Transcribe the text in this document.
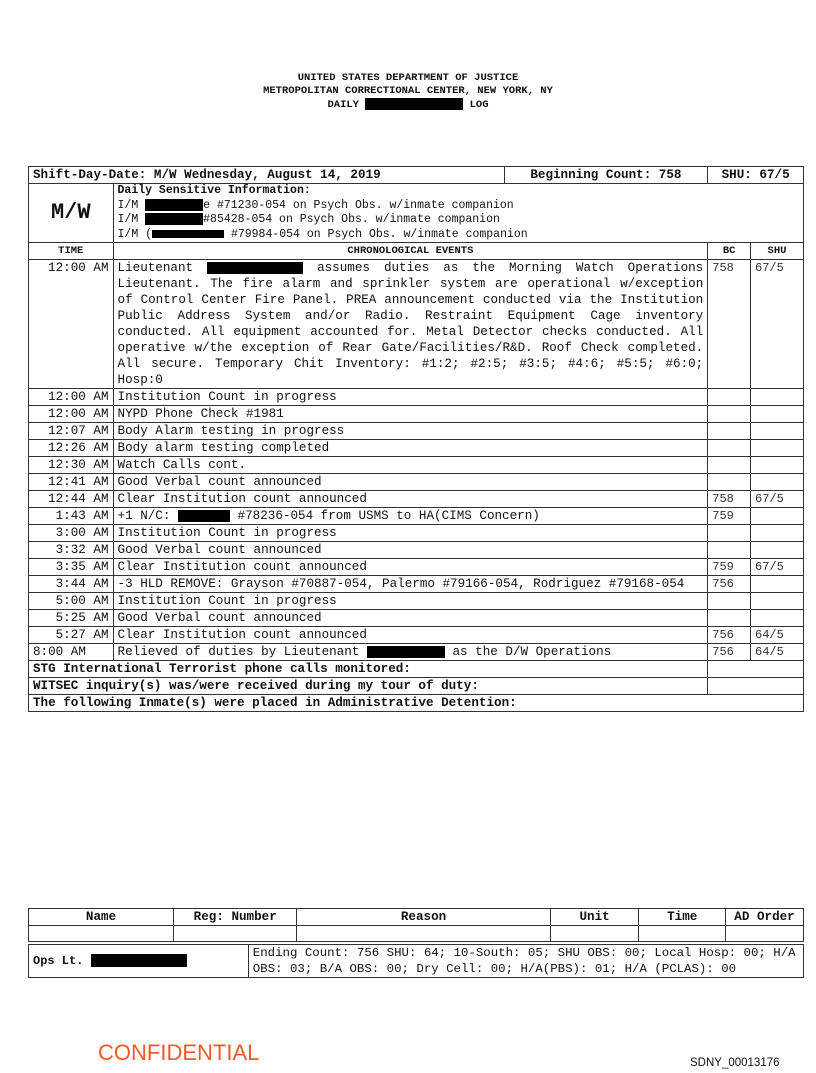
UNITED STATES DEPARTMENT OF JUSTICE
METROPOLITAN CORRECTIONAL CENTER, NEW YORK, NY
DAILY	LOG
Shift-Day-Date: M/W Wednesday, August 14, 2019		Beginning Count: 758	SHU: 67/5	
M/W	Daily Sensitive Information:
I/M e #71230-054 on Psych Obs. w/inmate companion
I/M #85428-054 on Psych Obs. w/inmate companion
I/M ( #79984-054 on Psych Obs. w/inmate companion			

TIME	CHRONOLOGICAL EVENTS		BC	SHU
12:00 AM	Lieutenant assumes duties as the Morning Watch Operations Lieutenant. The fire alarm and sprinkler system are operational w/exception of Control Center Fire Panel. PREA announcement conducted via the Institution Public Address System and/or Radio. Restraint Equipment Cage inventory conducted. All equipment accounted for. Metal Detector checks conducted. All operative w/the exception of Rear Gate/Facilities/R&D. Roof Check completed. All secure. Temporary Chit Inventory: #1:2; #2:5; #3:5; #4:6; #5:5; #6:0; Hosp:0		758	67/5
12:00 AM	Institution Count in progress			
12:00 AM	NYPD Phone Check #1981			
12:07 AM	Body Alarm testing in progress			
12:26 AM	Body alarm testing completed			
12:30 AM	Watch Calls cont.			
12:41 AM	Good Verbal count announced			
12:44 AM	Clear Institution count announced		758	67/5
1:43 AM	+1 N/C: #78236-054 from USMS to HA(CIMS Concern)		759	
3:00 AM	Institution Count in progress			
3:32 AM	Good Verbal count announced			
3:35 AM	Clear Institution count announced		759	67/5
3:44 AM	-3 HLD REMOVE: Grayson #70887-054, Palermo #79166-054, Rodriguez #79168-054		756	
5:00 AM	Institution Count in progress			
5:25 AM	Good Verbal count announced			
5:27 AM	Clear Institution count announced		756	64/5
8:00 AM	Relieved of duties by Lieutenant as the D/W Operations		756	64/5
STG International Terrorist phone calls monitored:				
WITSEC inquiry(s) was/were received during my tour of duty:				
The following Inmate(s) were placed in Administrative Detention:				
Name	Reg: Number	Reason	Unit	Time	AD Order

Ops Lt.	Ending Count: 756 SHU: 64; 10-South: 05; SHU OBS: 00; Local Hosp: 00; H/A OBS: 03; B/A OBS: 00; Dry Cell: 00; H/A(PBS): 01; H/A (PCLAS): 00
CONFIDENTIAL	SDNY_00013176
